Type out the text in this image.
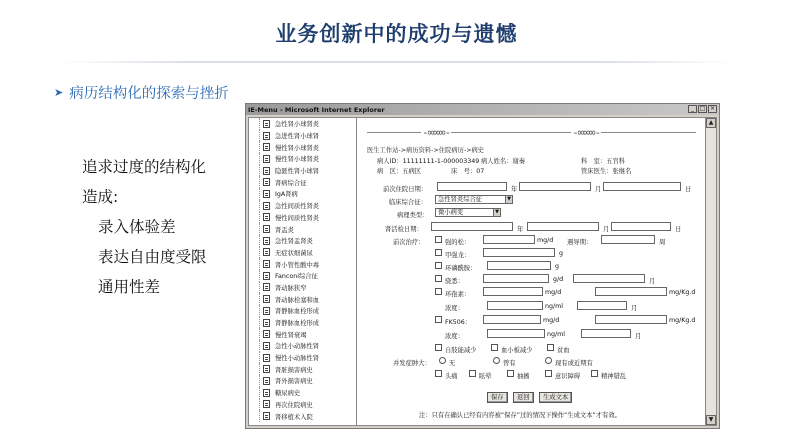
业务创新中的成功与遗憾
➤ 病历结构化的探索与挫折
追求过度的结构化
造成:
录入体验差
表达自由度受限
通用性差
IE-Menu - Microsoft Internet Explorer	_ □ ×
急性肾小球肾炎
急进性肾小球肾
慢性肾小球肾炎
慢性肾小球肾炎
隐匿性肾小球肾
肾病综合征
IgA肾病
急性间质性肾炎
慢性间质性肾炎
肾盂炎
急性肾盂肾炎
无症状细菌尿
肾小管性酸中毒
Fanconi综合征
肾动脉狭窄
肾动脉栓塞和血
肾静脉血栓形成
肾静脉血栓形成
慢性肾衰竭
急性小动脉性肾
慢性小动脉性肾
肾脏损害病史
肾外损害病史
糖尿病史
再次住院病史
肾移植术入院
-∞∞∞-	-∞∞∞-
医生工作站->病历资料->住院病历->病史
病人ID：11111111-1-000003349 病人姓名：谢秦	科　室：五官科
病　区：五病区	床　号：07	管床医生：张继名
前次住院日期：	年	月	日
临床综合征：	急性肾炎综合征	▼
病理类型：	微小病变	▼
肾活检日期：	年	月	日
前次治疗：	强的松：	mg/d 遇导期：	周
甲强龙：	g
环磷酰胺：	g
骁悉：	g/d	月
环孢素：	mg/d	mg/Kg.d
浓度：	ng/ml	月
FK506：	mg/d	mg/Kg.d
浓度：	ng/ml	月
自肢能减少	血小板减少	贫血
并发症肿大：	无	曾有	现有或近期有
头痛	眩晕	抽搐	意识障碍	精神错乱
保存	返回	生成文本
注：只有在确认已经有内容被“保存”过的情况下操作“生成文本”才有效。
▲
▼
